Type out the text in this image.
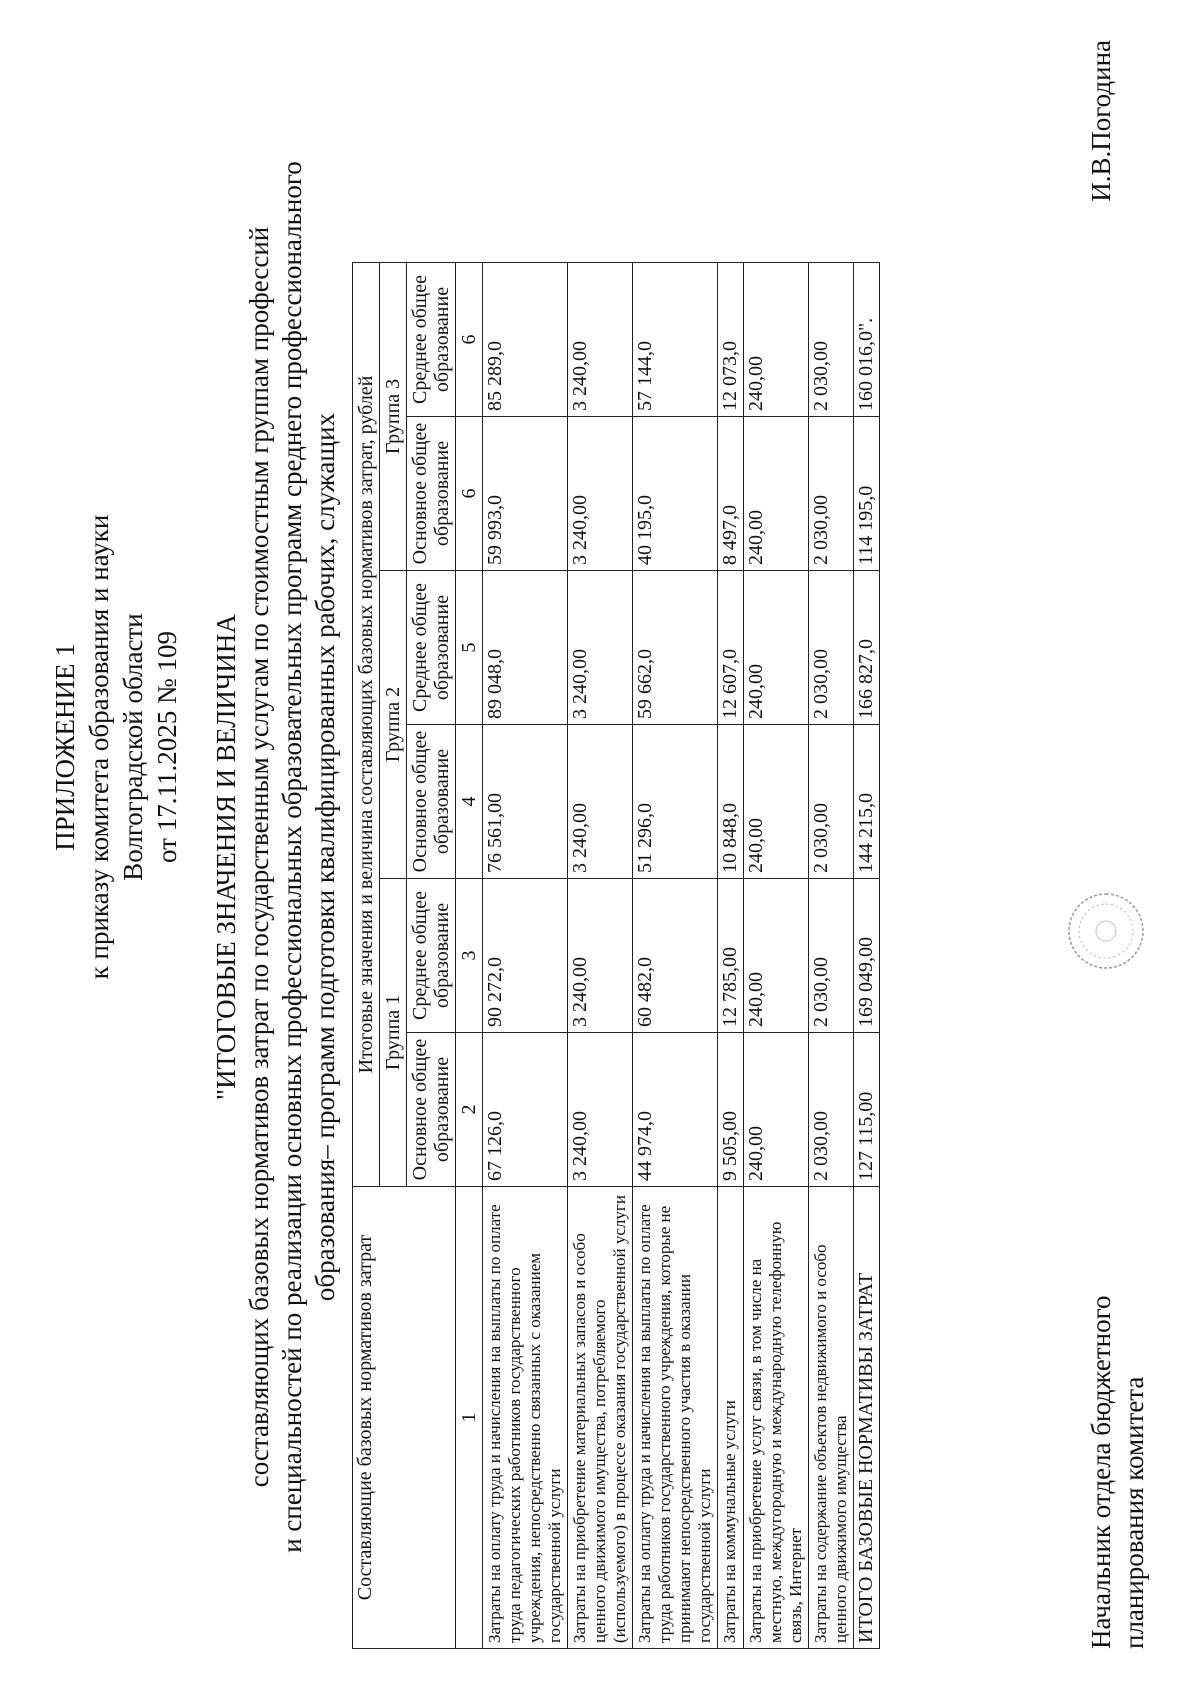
ПРИЛОЖЕНИЕ 1 к приказу комитета образования и науки Волгоградской области от 17.11.2025 № 109 "ИТОГОВЫЕ ЗНАЧЕНИЯ И ВЕЛИЧИНА составляющих базовых нормативов затрат по государственным услугам по стоимостным группам профессий и специальностей по реализации основных профессиональных образовательных программ среднего профессионального образования– программ подготовки квалифицированных рабочих, служащих
Составляющие базовых нормативов затрат	Итоговые значения и величина составляющих базовых нормативов затрат, рублей					
	Группа 1		Группа 2		Группа 3	
	Основное общее образование	Среднее общее образование	Основное общее образование	Среднее общее образование	Основное общее образование	Среднее общее образование
1	2	3	4	5	6	6
Затраты на оплату труда и начисления на выплаты по оплате труда педагогических работников государственного учреждения, непосредственно связанных с оказанием государственной услуги	67 126,0	90 272,0	76 561,00	89 048,0	59 993,0	85 289,0
Затраты на приобретение материальных запасов и особо ценного движимого имущества, потребляемого (используемого) в процессе оказания государственной услуги	3 240,00	3 240,00	3 240,00	3 240,00	3 240,00	3 240,00
Затраты на оплату труда и начисления на выплаты по оплате труда работников государственного учреждения, которые не принимают непосредственного участия в оказании государственной услуги	44 974,0	60 482,0	51 296,0	59 662,0	40 195,0	57 144,0
Затраты на коммунальные услуги	9 505,00	12 785,00	10 848,0	12 607,0	8 497,0	12 073,0
Затраты на приобретение услуг связи, в том числе на местную, междугородную и международную телефонную связь, Интернет	240,00	240,00	240,00	240,00	240,00	240,00
Затраты на содержание объектов недвижимого и особо ценного движимого имущества	2 030,00	2 030,00	2 030,00	2 030,00	2 030,00	2 030,00
ИТОГО БАЗОВЫЕ НОРМАТИВЫ ЗАТРАТ	127 115,00	169 049,00	144 215,0	166 827,0	114 195,0	160 016,0".
Начальник отдела бюджетного планирования комитета
И.В.Погодина
